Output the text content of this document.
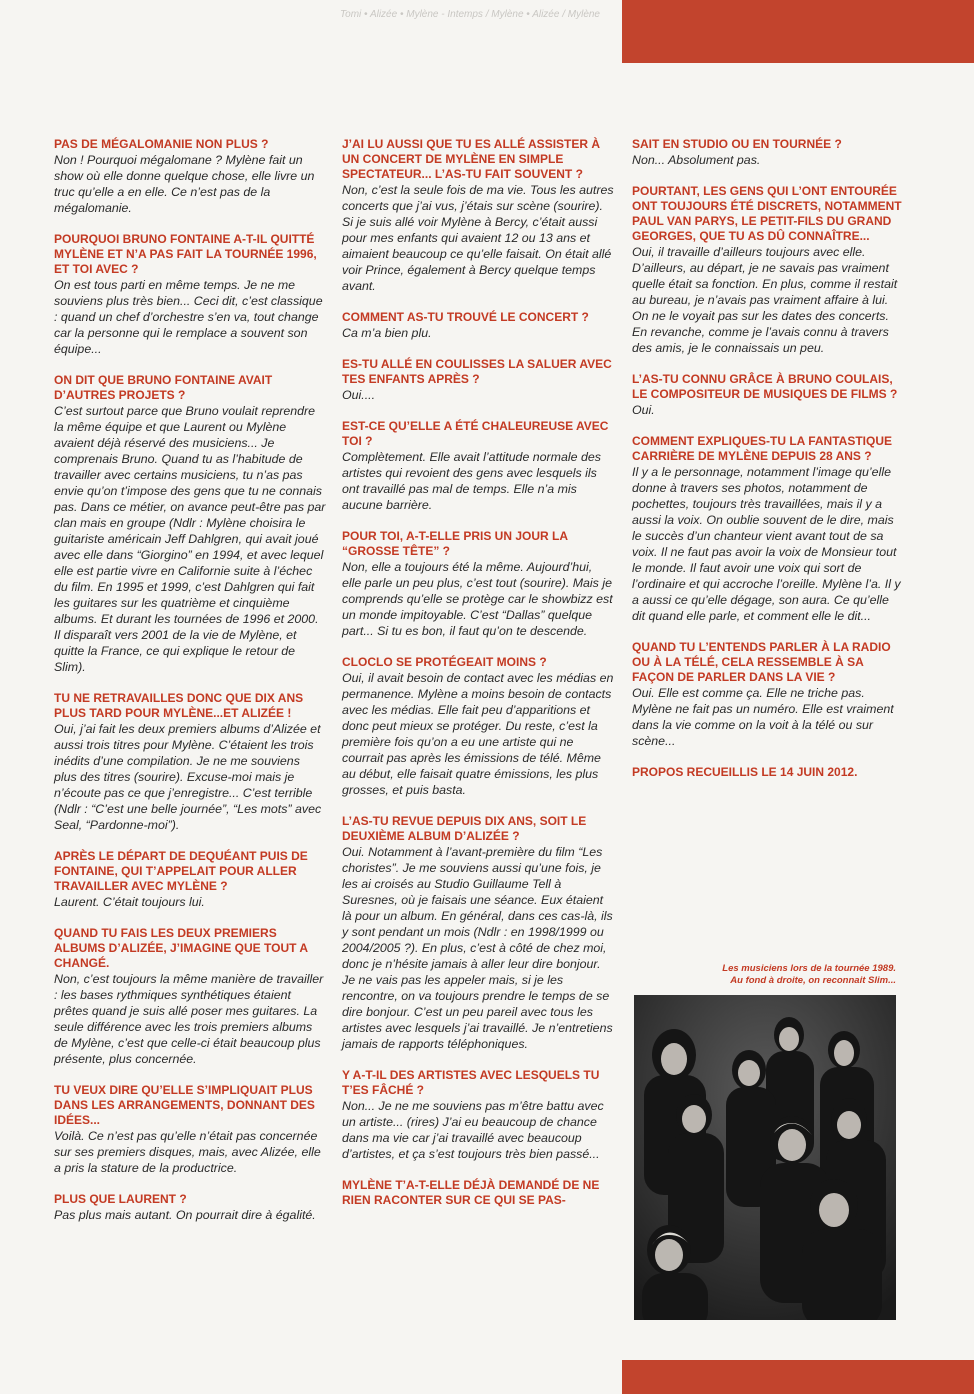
Tomi • Alizée • Mylène - Intemps / Mylène • Alizée / Mylène

PAS DE MÉGALOMANIE NON PLUS ?

Non ! Pourquoi mégalomane ? Mylène fait un show où elle donne quelque chose, elle livre un truc qu’elle a en elle. Ce n’est pas de la mégalomanie.

POURQUOI BRUNO FONTAINE A-T-IL QUITTÉ MYLÈNE ET N’A PAS FAIT LA TOURNÉE 1996, ET TOI AVEC ?

On est tous parti en même temps. Je ne me souviens plus très bien... Ceci dit, c’est classique : quand un chef d’orchestre s’en va, tout change car la personne qui le remplace a souvent son équipe...

ON DIT QUE BRUNO FONTAINE AVAIT D’AUTRES PROJETS ?

C’est surtout parce que Bruno voulait reprendre la même équipe et que Laurent ou Mylène avaient déjà réservé des musiciens... Je comprenais Bruno. Quand tu as l’habitude de travailler avec certains musiciens, tu n’as pas envie qu’on t’impose des gens que tu ne connais pas. Dans ce métier, on avance peut-être pas par clan mais en groupe (Ndlr : Mylène choisira le guitariste américain Jeff Dahlgren, qui avait joué avec elle dans “Giorgino” en 1994, et avec lequel elle est partie vivre en Californie suite à l’échec du film. En 1995 et 1999, c’est Dahlgren qui fait les guitares sur les quatrième et cinquième albums. Et durant les tournées de 1996 et 2000. Il disparaît vers 2001 de la vie de Mylène, et quitte la France, ce qui explique le retour de Slim).

TU NE RETRAVAILLES DONC QUE DIX ANS PLUS TARD POUR MYLÈNE...ET ALIZÉE !

Oui, j’ai fait les deux premiers albums d’Alizée et aussi trois titres pour Mylène. C’étaient les trois inédits d’une compilation. Je ne me souviens plus des titres (sourire). Excuse-moi mais je n’écoute pas ce que j’enregistre... C’est terrible (Ndlr : “C’est une belle journée”, “Les mots” avec Seal, “Pardonne-moi”).

APRÈS LE DÉPART DE DEQUÉANT PUIS DE FONTAINE, QUI T’APPELAIT POUR ALLER TRAVAILLER AVEC MYLÈNE ?

Laurent. C’était toujours lui.

QUAND TU FAIS LES DEUX PREMIERS ALBUMS D’ALIZÉE, J’IMAGINE QUE TOUT A CHANGÉ.

Non, c’est toujours la même manière de travailler : les bases rythmiques synthétiques étaient prêtes quand je suis allé poser mes guitares. La seule différence avec les trois premiers albums de Mylène, c’est que celle-ci était beaucoup plus présente, plus concernée.

TU VEUX DIRE QU’ELLE S’IMPLIQUAIT PLUS DANS LES ARRANGEMENTS, DONNANT DES IDÉES...

Voilà. Ce n’est pas qu’elle n’était pas concernée sur ses premiers disques, mais, avec Alizée, elle a pris la stature de la productrice.

PLUS QUE LAURENT ?

Pas plus mais autant. On pourrait dire à égalité.

J’AI LU AUSSI QUE TU ES ALLÉ ASSISTER À UN CONCERT DE MYLÈNE EN SIMPLE SPECTATEUR... L’AS-TU FAIT SOUVENT ?

Non, c’est la seule fois de ma vie. Tous les autres concerts que j’ai vus, j’étais sur scène (sourire). Si je suis allé voir Mylène à Bercy, c’était aussi pour mes enfants qui avaient 12 ou 13 ans et aimaient beaucoup ce qu’elle faisait. On était allé voir Prince, également à Bercy quelque temps avant.

COMMENT AS-TU TROUVÉ LE CONCERT ?

Ca m’a bien plu.

ES-TU ALLÉ EN COULISSES LA SALUER AVEC TES ENFANTS APRÈS ?

Oui....

EST-CE QU’ELLE A ÉTÉ CHALEUREUSE AVEC TOI ?

Complètement. Elle avait l’attitude normale des artistes qui revoient des gens avec lesquels ils ont travaillé pas mal de temps. Elle n’a mis aucune barrière.

POUR TOI, A-T-ELLE PRIS UN JOUR LA “GROSSE TÊTE” ?

Non, elle a toujours été la même. Aujourd’hui, elle parle un peu plus, c’est tout (sourire). Mais je comprends qu’elle se protège car le showbizz est un monde impitoyable. C’est “Dallas” quelque part... Si tu es bon, il faut qu’on te descende.

CLOCLO SE PROTÉGEAIT MOINS ?

Oui, il avait besoin de contact avec les médias en permanence. Mylène a moins besoin de contacts avec les médias. Elle fait peu d’apparitions et donc peut mieux se protéger. Du reste, c’est la première fois qu’on a eu une artiste qui ne courrait pas après les émissions de télé. Même au début, elle faisait quatre émissions, les plus grosses, et puis basta.

L’AS-TU REVUE DEPUIS DIX ANS, SOIT LE DEUXIÈME ALBUM D’ALIZÉE ?

Oui. Notamment à l’avant-première du film “Les choristes”. Je me souviens aussi qu’une fois, je les ai croisés au Studio Guillaume Tell à Suresnes, où je faisais une séance. Eux étaient là pour un album. En général, dans ces cas-là, ils y sont pendant un mois (Ndlr : en 1998/1999 ou 2004/2005 ?). En plus, c’est à côté de chez moi, donc je n’hésite jamais à aller leur dire bonjour. Je ne vais pas les appeler mais, si je les rencontre, on va toujours prendre le temps de se dire bonjour. C’est un peu pareil avec tous les artistes avec lesquels j’ai travaillé. Je n’entretiens jamais de rapports téléphoniques.

Y A-T-IL DES ARTISTES AVEC LESQUELS TU T’ES FÂCHÉ ?

Non... Je ne me souviens pas m’être battu avec un artiste... (rires) J’ai eu beaucoup de chance dans ma vie car j’ai travaillé avec beaucoup d’artistes, et ça s’est toujours très bien passé...

MYLÈNE T’A-T-ELLE DÉJÀ DEMANDÉ DE NE RIEN RACONTER SUR CE QUI SE PAS-

SAIT EN STUDIO OU EN TOURNÉE ?

Non... Absolument pas.

POURTANT, LES GENS QUI L’ONT ENTOURÉE ONT TOUJOURS ÉTÉ DISCRETS, NOTAMMENT PAUL VAN PARYS, LE PETIT-FILS DU GRAND GEORGES, QUE TU AS DÛ CONNAÎTRE...

Oui, il travaille d’ailleurs toujours avec elle. D’ailleurs, au départ, je ne savais pas vraiment quelle était sa fonction. En plus, comme il restait au bureau, je n’avais pas vraiment affaire à lui. On ne le voyait pas sur les dates des concerts.
En revanche, comme je l’avais connu à travers des amis, je le connaissais un peu.

L’AS-TU CONNU GRÂCE À BRUNO COULAIS, LE COMPOSITEUR DE MUSIQUES DE FILMS ?

Oui.

COMMENT EXPLIQUES-TU LA FANTASTIQUE CARRIÈRE DE MYLÈNE DEPUIS 28 ANS ?

Il y a le personnage, notamment l’image qu’elle donne à travers ses photos, notamment de pochettes, toujours très travaillées, mais il y a aussi la voix. On oublie souvent de le dire, mais le succès d’un chanteur vient avant tout de sa voix. Il ne faut pas avoir la voix de Monsieur tout le monde. Il faut avoir une voix qui sort de l’ordinaire et qui accroche l’oreille. Mylène l’a. Il y a aussi ce qu’elle dégage, son aura. Ce qu’elle dit quand elle parle, et comment elle le dit...

QUAND TU L’ENTENDS PARLER À LA RADIO OU À LA TÉLÉ, CELA RESSEMBLE À SA FAÇON DE PARLER DANS LA VIE ?

Oui. Elle est comme ça. Elle ne triche pas. Mylène ne fait pas un numéro. Elle est vraiment dans la vie comme on la voit à la télé ou sur scène...

PROPOS RECUEILLIS LE 14 JUIN 2012.

Les musiciens lors de la tournée 1989.
Au fond à droite, on reconnait Slim...
